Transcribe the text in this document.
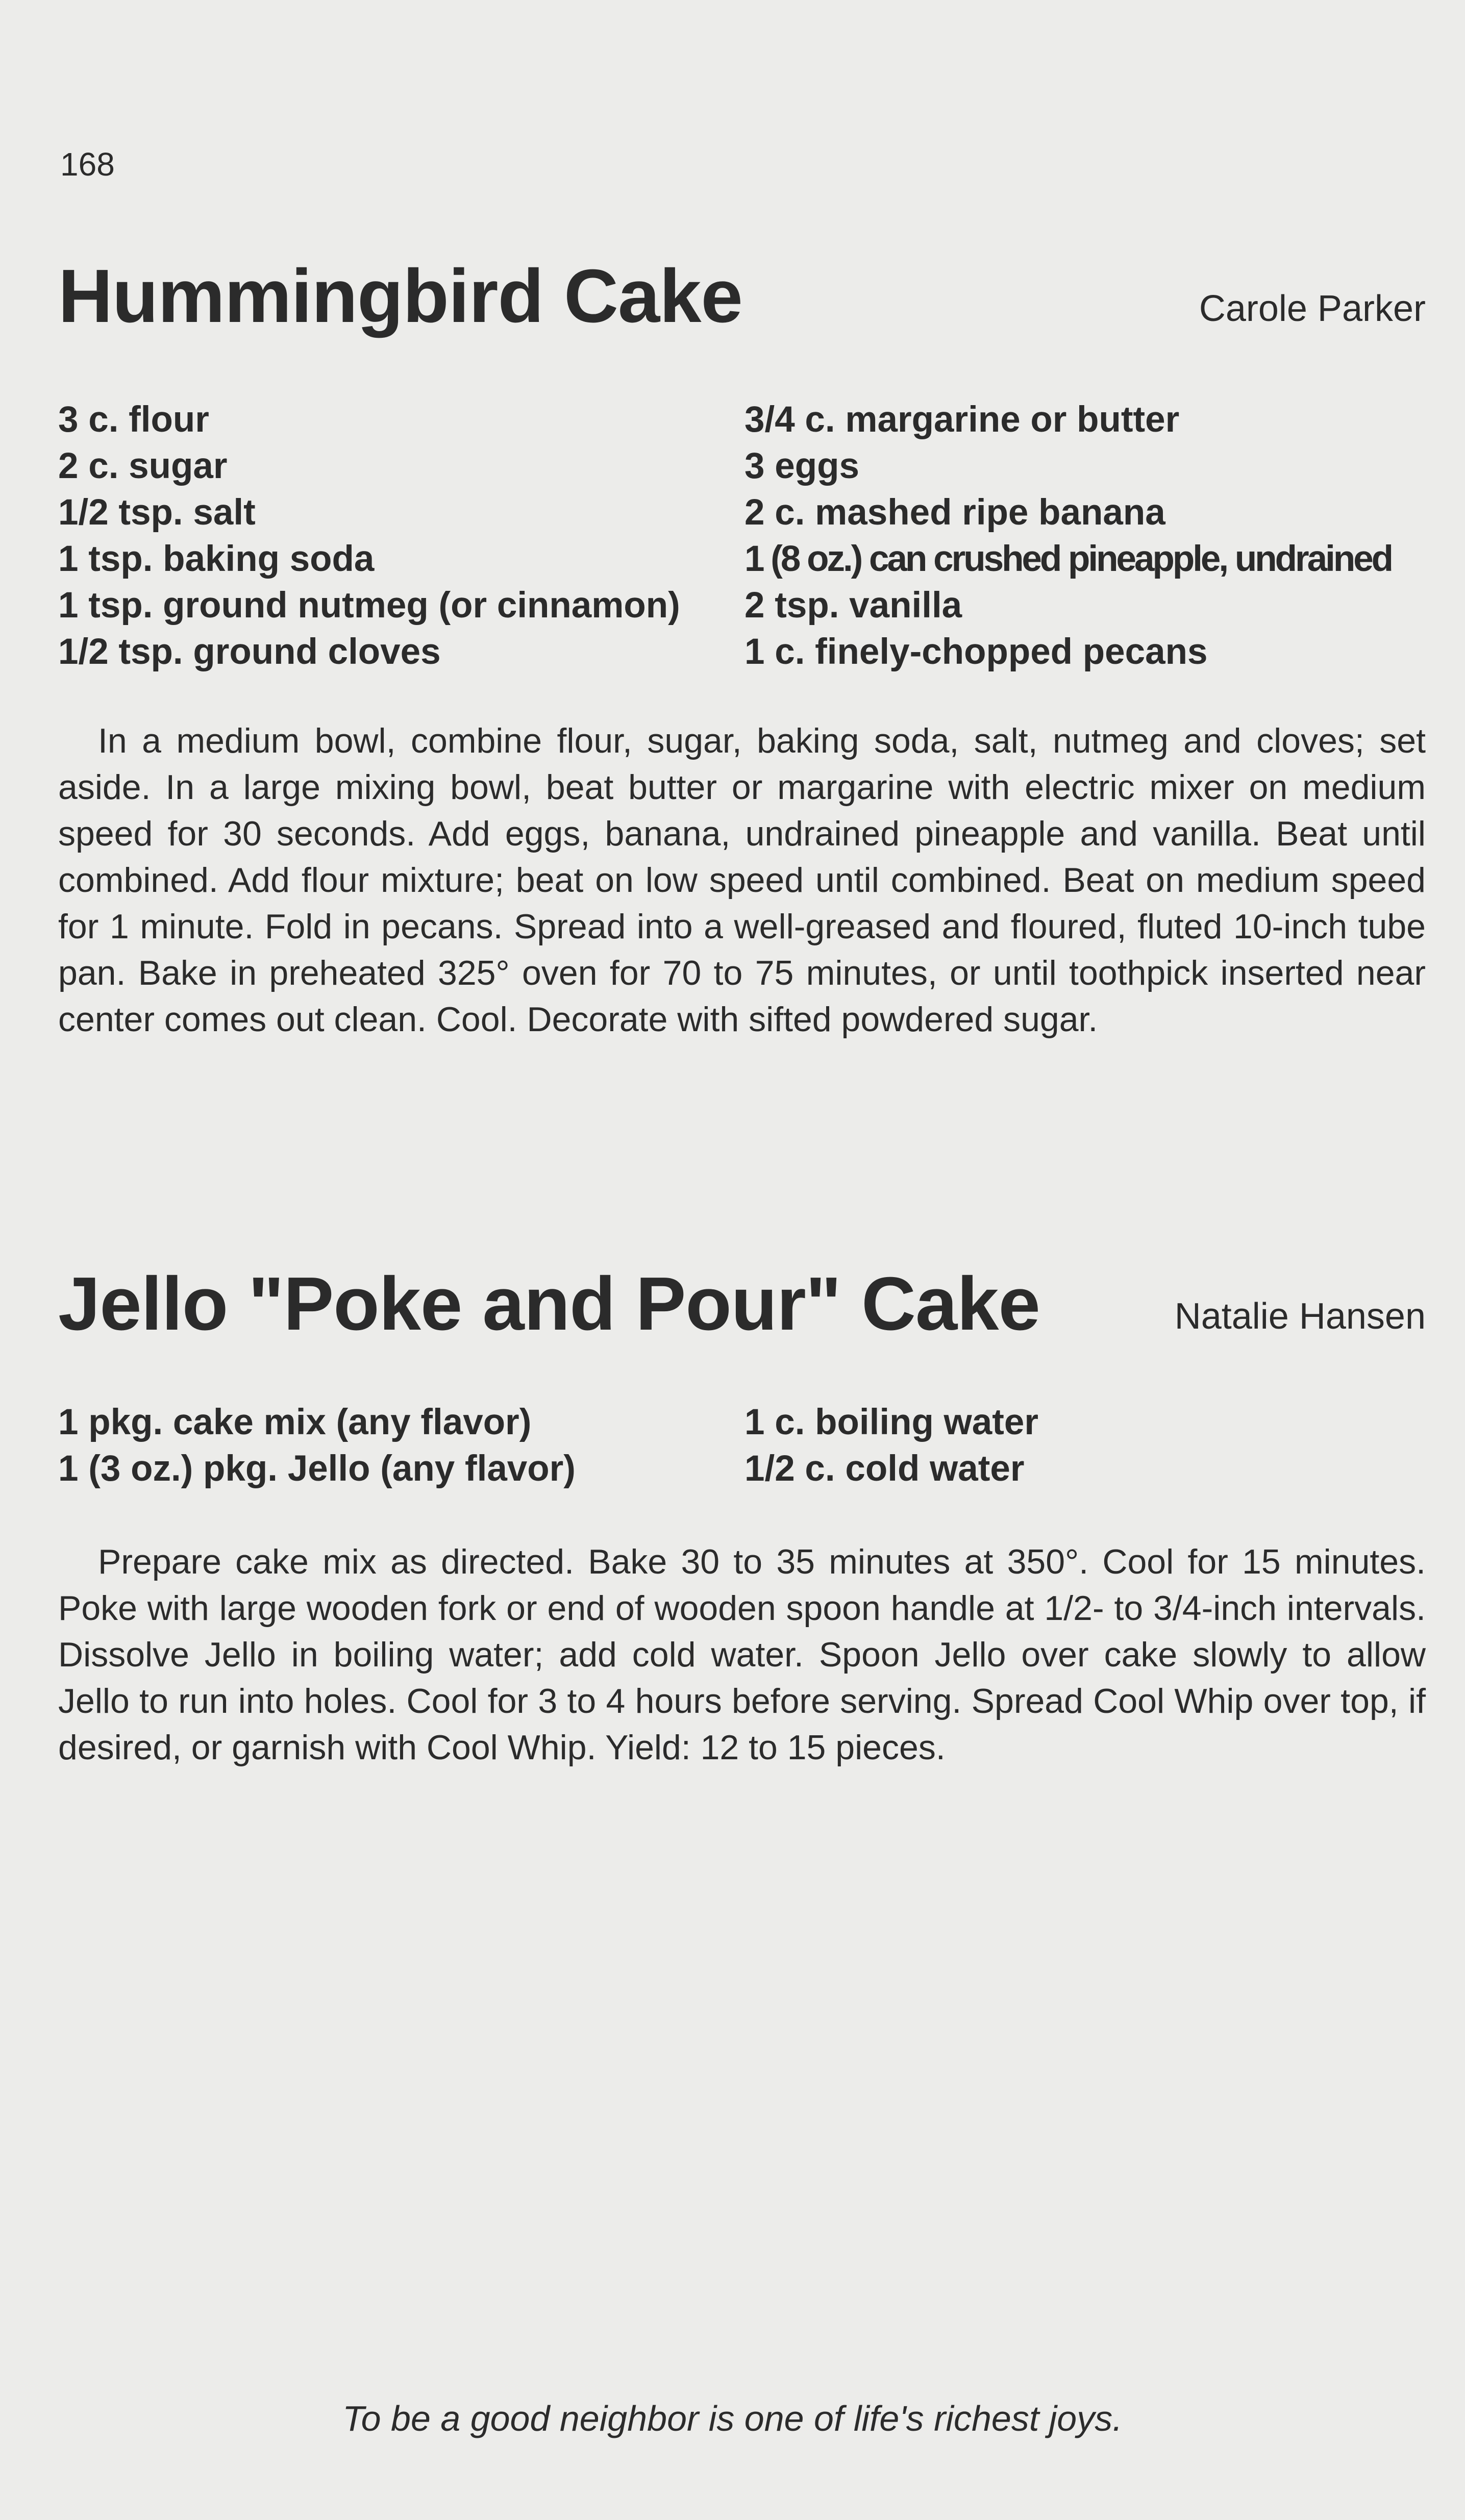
168

Hummingbird Cake	Carole Parker

3 c. flour
2 c. sugar
1/2 tsp. salt
1 tsp. baking soda
1 tsp. ground nutmeg (or cinnamon)
1/2 tsp. ground cloves
3/4 c. margarine or butter
3 eggs
2 c. mashed ripe banana
1 (8 oz.) can crushed pineapple, undrained
2 tsp. vanilla
1 c. finely-chopped pecans

In a medium bowl, combine flour, sugar, baking soda, salt, nutmeg and cloves; set aside. In a large mixing bowl, beat butter or margarine with electric mixer on medium speed for 30 seconds. Add eggs, banana, undrained pineapple and vanilla. Beat until combined. Add flour mixture; beat on low speed until combined. Beat on medium speed for 1 minute. Fold in pecans. Spread into a well-greased and floured, fluted 10-inch tube pan. Bake in preheated 325° oven for 70 to 75 minutes, or until toothpick inserted near center comes out clean. Cool. Decorate with sifted powdered sugar.

Jello "Poke and Pour" Cake	Natalie Hansen

1 pkg. cake mix (any flavor)
1 (3 oz.) pkg. Jello (any flavor)
1 c. boiling water
1/2 c. cold water

Prepare cake mix as directed. Bake 30 to 35 minutes at 350°. Cool for 15 minutes. Poke with large wooden fork or end of wooden spoon handle at 1/2- to 3/4-inch intervals. Dissolve Jello in boiling water; add cold water. Spoon Jello over cake slowly to allow Jello to run into holes. Cool for 3 to 4 hours before serving. Spread Cool Whip over top, if desired, or garnish with Cool Whip. Yield: 12 to 15 pieces.

To be a good neighbor is one of life's richest joys.
